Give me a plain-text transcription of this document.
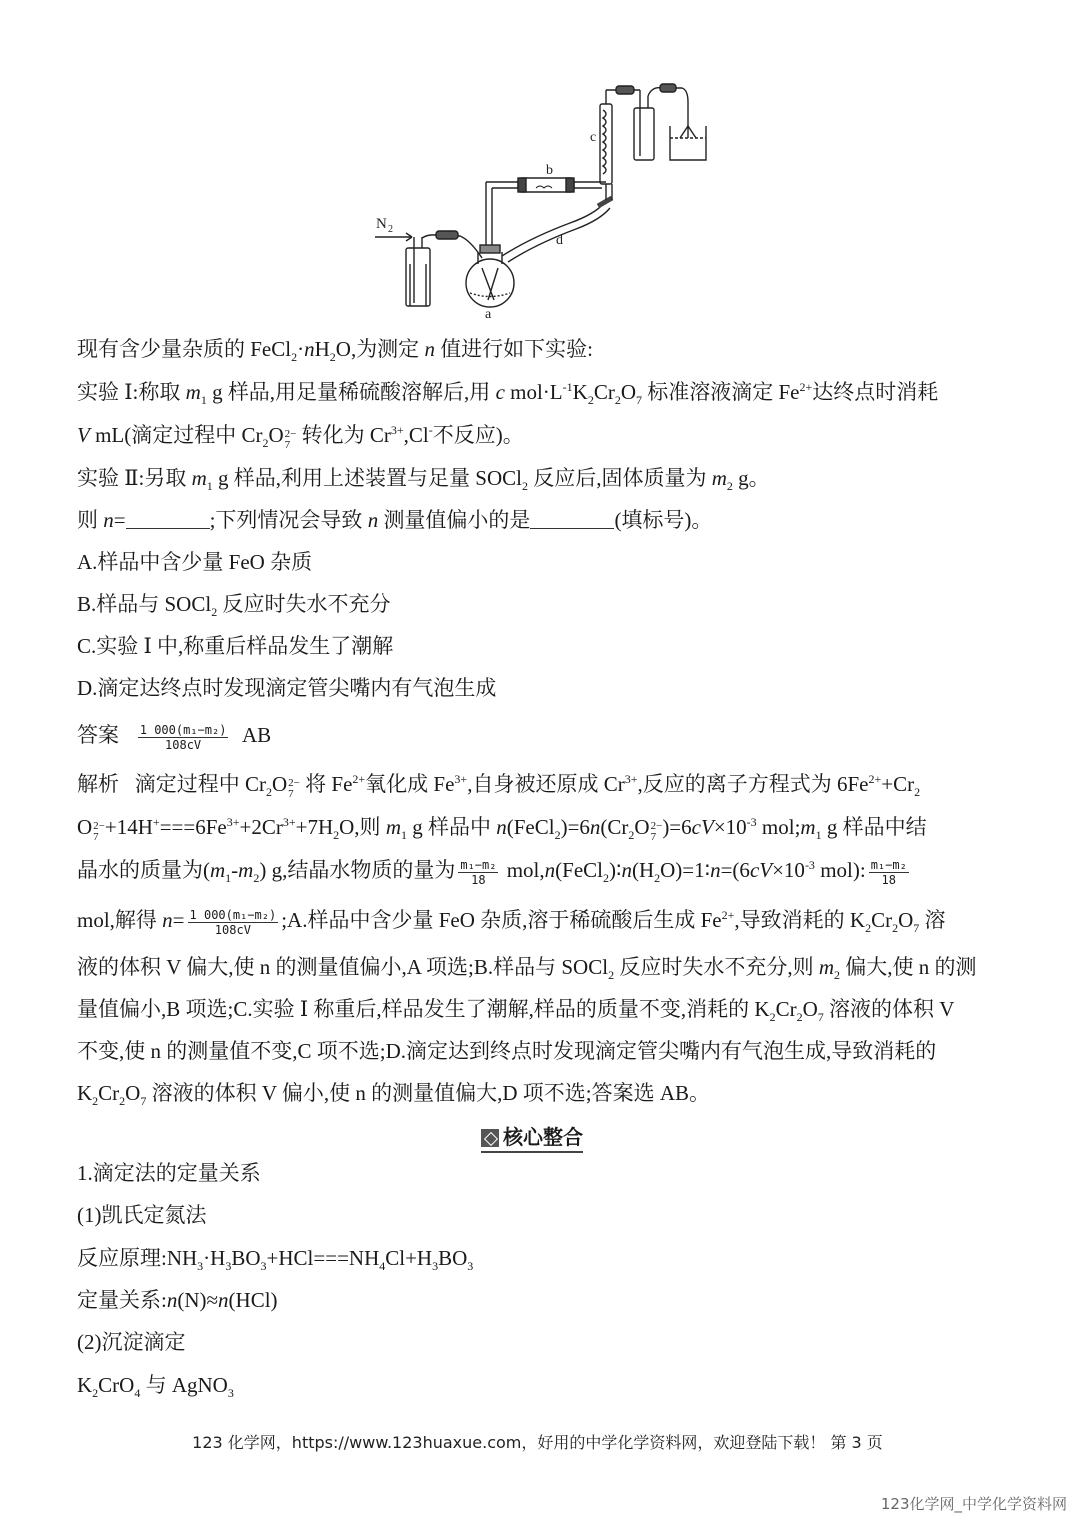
N 2
a
b
c
d
现有含少量杂质的 $FeCl_2\cdot nH_2O$,为测定 n 值进行如下实验:
实验 Ⅰ:称取 $m_1$ g 样品,用足量稀硫酸溶解后,用 c $mol\cdot L^{-1}K_2Cr_2O_7$ 标准溶液滴定 $Fe^{2+}$达终点时消耗
V mL(滴定过程中 $Cr_2O$ 2−
7 转化为 $Cr^{3+},Cl^-$不反应)。
实验 Ⅱ:另取 $m_1$ g 样品,利用上述装置与足量 SOCl$_2$ 反应后,固体质量为 $m_2$ g。
则 n=	;下列情况会导致 n 测量值偏小的是	(填标号)。
A.样品中含少量 FeO 杂质
B.样品与 SOCl$_2$ 反应时失水不充分
C.实验 Ⅰ 中,称重后样品发生了潮解
D.滴定达终点时发现滴定管尖嘴内有气泡生成
答案 $\frac{\text{1 000(m₁−m₂)}}{108cV}$ AB
解析 滴定过程中 $Cr_2O$ 2−
7 将 $Fe^{2+}$氧化成 $Fe^{3+}$,自身被还原成 $Cr^{3+}$,反应的离子方程式为 $6Fe^{2+}+Cr_2$
O 2−
$7 +14H^+===6Fe^{3+}+2Cr^{3+}+7H_2O$,则 $m_1$ g 样品中 $n(FeCl_2)=6n(Cr_2O$ 2−
7 )$=6cV\times 10^{-3}$ $mol;m_1$ g 样品中结
晶水的质量为$(m_1-m_2)$ g,结晶水物质的量为 $\frac{\text{m₁−m₂}}{18}$ $mol,n(FeCl_2)∶n(H_2O)=1∶n=(6cV\times 10^{-3}$ mol): $\frac{\text{m₁−m₂}}{18}$
mol,解得 $n= \frac{\text{1 000(m₁−m₂)}}{108cV}$ ;A.样品中含少量 FeO 杂质,溶于稀硫酸后生成 $Fe^{2+}$,导致消耗的 $K_2Cr_2O_7$ 溶
液的体积 V 偏大,使 n 的测量值偏小,A 项选;B.样品与 SOCl$_2$ 反应时失水不充分,则 $m_2$ 偏大,使 n 的测
量值偏小,B 项选;C.实验 Ⅰ 称重后,样品发生了潮解,样品的质量不变,消耗的 $K_2Cr_2O_7$ 溶液的体积 V
不变,使 n 的测量值不变,C 项不选;D.滴定达到终点时发现滴定管尖嘴内有气泡生成,导致消耗的
$K_2Cr_2O_7$ 溶液的体积 V 偏小,使 n 的测量值偏大,D 项不选;答案选 AB。
核心整合
1.滴定法的定量关系
(1)凯氏定氮法
反应原理$:NH_3\cdot H_3BO_3+HCl===NH_4Cl+H_3BO_3$
定量关系:n(N)≈n(HCl)
(2)沉淀滴定
$K_2CrO_4$ 与 AgNO$_3$
123 化学网，https://www.123huaxue.com，好用的中学化学资料网，欢迎登陆下载！ 第 3 页
123化学网_中学化学资料网
